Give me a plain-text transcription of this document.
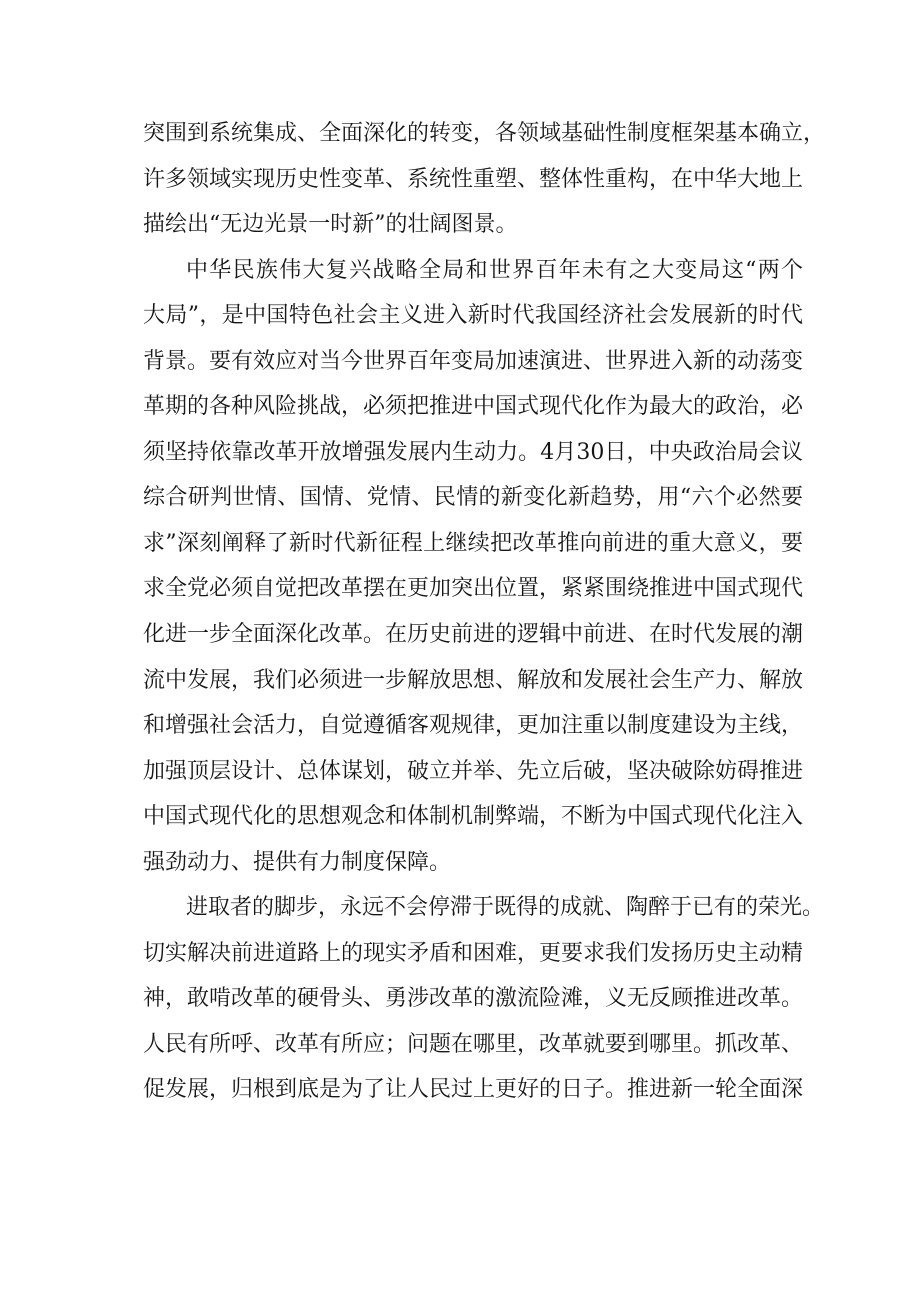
突围到系统集成、全面深化的转变，各领域基础性制度框架基本确立，
许多领域实现历史性变革、系统性重塑、整体性重构，在中华大地上
描绘出“无边光景一时新”的壮阔图景。
中华民族伟大复兴战略全局和世界百年未有之大变局这“两个
大局”，是中国特色社会主义进入新时代我国经济社会发展新的时代
背景。要有效应对当今世界百年变局加速演进、世界进入新的动荡变
革期的各种风险挑战，必须把推进中国式现代化作为最大的政治，必
须坚持依靠改革开放增强发展内生动力。4月30日，中央政治局会议
综合研判世情、国情、党情、民情的新变化新趋势，用“六个必然要
求”深刻阐释了新时代新征程上继续把改革推向前进的重大意义，要
求全党必须自觉把改革摆在更加突出位置，紧紧围绕推进中国式现代
化进一步全面深化改革。在历史前进的逻辑中前进、在时代发展的潮
流中发展，我们必须进一步解放思想、解放和发展社会生产力、解放
和增强社会活力，自觉遵循客观规律，更加注重以制度建设为主线，
加强顶层设计、总体谋划，破立并举、先立后破，坚决破除妨碍推进
中国式现代化的思想观念和体制机制弊端，不断为中国式现代化注入
强劲动力、提供有力制度保障。
进取者的脚步，永远不会停滞于既得的成就、陶醉于已有的荣光。
切实解决前进道路上的现实矛盾和困难，更要求我们发扬历史主动精
神，敢啃改革的硬骨头、勇涉改革的激流险滩，义无反顾推进改革。
人民有所呼、改革有所应；问题在哪里，改革就要到哪里。抓改革、
促发展，归根到底是为了让人民过上更好的日子。推进新一轮全面深
